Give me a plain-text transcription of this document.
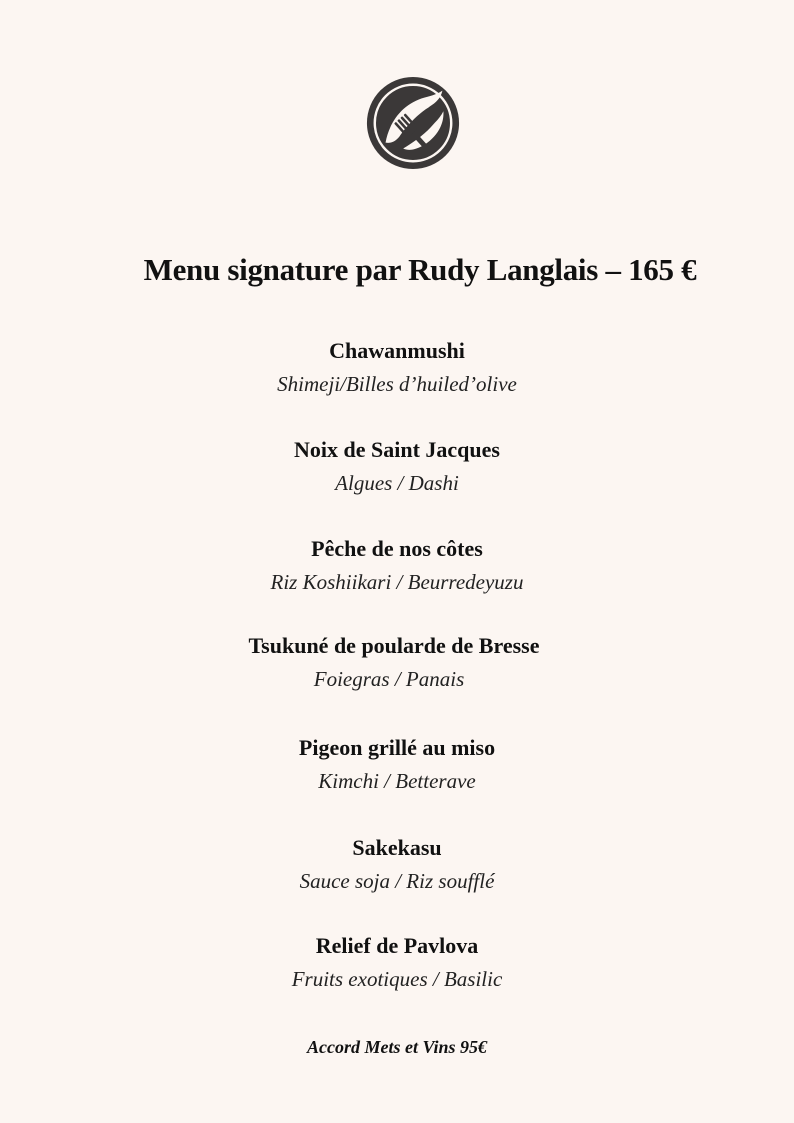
Menu signature par Rudy Langlais – 165 €
Chawanmushi
Shimeji/Billes d’huiled’olive
Noix de Saint Jacques
Algues / Dashi
Pêche de nos côtes
Riz Koshiikari / Beurredeyuzu
Tsukuné de poularde de Bresse
Foiegras / Panais
Pigeon grillé au miso
Kimchi / Betterave
Sakekasu
Sauce soja / Riz soufflé
Relief de Pavlova
Fruits exotiques / Basilic
Accord Mets et Vins 95€
